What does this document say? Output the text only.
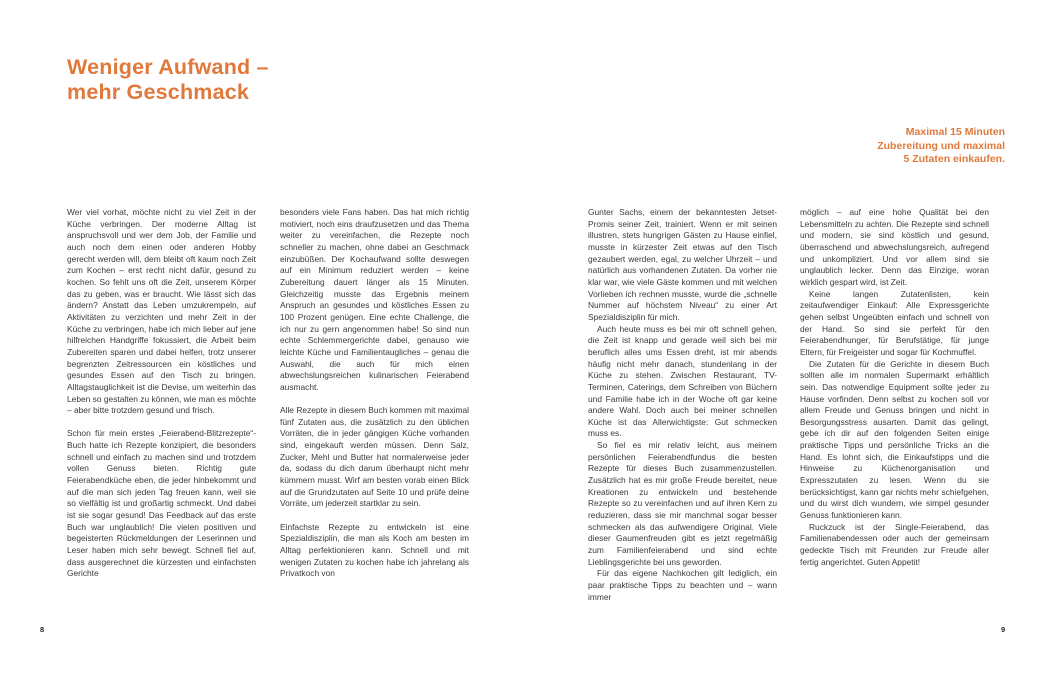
Weniger Aufwand –
mehr Geschmack
Maximal 15 Minuten
Zubereitung und maximal
5 Zutaten einkaufen.

Wer viel vorhat, möchte nicht zu viel Zeit in der Küche verbringen. Der moderne Alltag ist anspruchsvoll und wer dem Job, der Familie und auch noch dem einen oder anderen Hobby gerecht werden will, dem bleibt oft kaum noch Zeit zum Kochen – erst recht nicht dafür, gesund zu kochen. So fehlt uns oft die Zeit, unserem Körper das zu geben, was er braucht. Wie lässt sich das ändern? Anstatt das Leben umzukrempeln, auf Aktivitäten zu verzichten und mehr Zeit in der Küche zu verbringen, habe ich mich lieber auf jene hilfreichen Handgriffe fokussiert, die Arbeit beim Zubereiten sparen und dabei helfen, trotz unserer begrenzten Zeitressourcen ein köstliches und gesundes Essen auf den Tisch zu bringen. Alltagstauglichkeit ist die Devise, um weiterhin das Leben so gestalten zu können, wie man es möchte – aber bitte trotzdem gesund und frisch.

Schon für mein erstes „Feierabend-Blitzrezepte“-Buch hatte ich Rezepte konzipiert, die besonders schnell und einfach zu machen sind und trotzdem vollen Genuss bieten. Richtig gute Feierabendküche eben, die jeder hinbekommt und auf die man sich jeden Tag freuen kann, weil sie so vielfältig ist und großartig schmeckt. Und dabei ist sie sogar gesund! Das Feedback auf das erste Buch war unglaublich! Die vielen positiven und begeisterten Rückmeldungen der Leserinnen und Leser haben mich sehr bewegt. Schnell fiel auf, dass ausgerechnet die kürzesten und einfachsten Gerichte

besonders viele Fans haben. Das hat mich richtig motiviert, noch eins draufzusetzen und das Thema weiter zu vereinfachen, die Rezepte noch schneller zu machen, ohne dabei an Geschmack einzubüßen. Der Kochaufwand sollte deswegen auf ein Minimum reduziert werden – keine Zubereitung dauert länger als 15 Minuten. Gleichzeitig musste das Ergebnis meinem Anspruch an gesundes und köstliches Essen zu 100 Prozent genügen. Eine echte Challenge, die ich nur zu gern angenommen habe! So sind nun echte Schlemmergerichte dabei, genauso wie leichte Küche und Familientaugliches – genau die Auswahl, die auch für mich einen abwechslungsreichen kulinarischen Feierabend ausmacht.

Alle Rezepte in diesem Buch kommen mit maximal fünf Zutaten aus, die zusätzlich zu den üblichen Vorräten, die in jeder gängigen Küche vorhanden sind, eingekauft werden müssen. Denn Salz, Zucker, Mehl und Butter hat normalerweise jeder da, sodass du dich darum überhaupt nicht mehr kümmern musst. Wirf am besten vorab einen Blick auf die Grundzutaten auf Seite 10 und prüfe deine Vorräte, um jederzeit startklar zu sein.

Einfachste Rezepte zu entwickeln ist eine Spezialdisziplin, die man als Koch am besten im Alltag perfektionieren kann. Schnell und mit wenigen Zutaten zu kochen habe ich jahrelang als Privatkoch von

Gunter Sachs, einem der bekanntesten Jetset-Promis seiner Zeit, trainiert. Wenn er mit seinen illustren, stets hungrigen Gästen zu Hause einfiel, musste in kürzester Zeit etwas auf den Tisch gezaubert werden, egal, zu welcher Uhrzeit – und natürlich aus vorhandenen Zutaten. Da vorher nie klar war, wie viele Gäste kommen und mit welchen Vorlieben ich rechnen musste, wurde die „schnelle Nummer auf höchstem Niveau“ zu einer Art Spezialdisziplin für mich.

Auch heute muss es bei mir oft schnell gehen, die Zeit ist knapp und gerade weil sich bei mir beruflich alles ums Essen dreht, ist mir abends häufig nicht mehr danach, stundenlang in der Küche zu stehen. Zwischen Restaurant, TV-Terminen, Caterings, dem Schreiben von Büchern und Familie habe ich in der Woche oft gar keine andere Wahl. Doch auch bei meiner schnellen Küche ist das Allerwichtigste: Gut schmecken muss es.

So fiel es mir relativ leicht, aus meinem persönlichen Feierabendfundus die besten Rezepte für dieses Buch zusammenzustellen. Zusätzlich hat es mir große Freude bereitet, neue Kreationen zu entwickeln und bestehende Rezepte so zu vereinfachen und auf ihren Kern zu reduzieren, dass sie mir manchmal sogar besser schmecken als das aufwendigere Original. Viele dieser Gaumenfreuden gibt es jetzt regelmäßig zum Familienfeierabend und sind echte Lieblingsgerichte bei uns geworden.

Für das eigene Nachkochen gilt lediglich, ein paar praktische Tipps zu beachten und – wann immer

möglich – auf eine hohe Qualität bei den Lebensmitteln zu achten. Die Rezepte sind schnell und modern, sie sind köstlich und gesund, überraschend und abwechslungsreich, aufregend und unkompliziert. Und vor allem sind sie unglaublich lecker. Denn das Einzige, woran wirklich gespart wird, ist Zeit.

Keine langen Zutatenlisten, kein zeitaufwendiger Einkauf: Alle Expressgerichte gehen selbst Ungeübten einfach und schnell von der Hand. So sind sie perfekt für den Feierabendhunger, für Berufstätige, für junge Eltern, für Freigeister und sogar für Kochmuffel.

Die Zutaten für die Gerichte in diesem Buch sollten alle im normalen Supermarkt erhältlich sein. Das notwendige Equipment sollte jeder zu Hause vorfinden. Denn selbst zu kochen soll vor allem Freude und Genuss bringen und nicht in Besorgungsstress ausarten. Damit das gelingt, gebe ich dir auf den folgenden Seiten einige praktische Tipps und persönliche Tricks an die Hand. Es lohnt sich, die Einkaufstipps und die Hinweise zu Küchenorganisation und Expresszutaten zu lesen. Wenn du sie berücksichtigst, kann gar nichts mehr schiefgehen, und du wirst dich wundern, wie simpel gesunder Genuss funktionieren kann.

Ruckzuck ist der Single-Feierabend, das Familienabendessen oder auch der gemeinsam gedeckte Tisch mit Freunden zur Freude aller fertig angerichtet. Guten Appetit!

8	9
